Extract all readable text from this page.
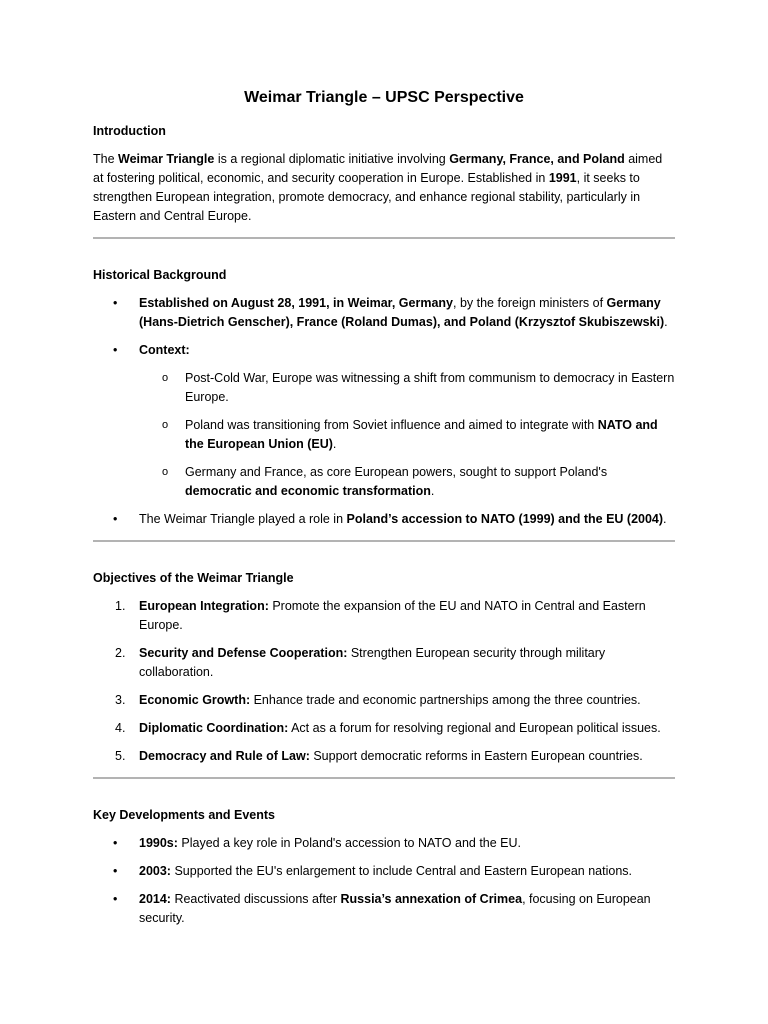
Weimar Triangle – UPSC Perspective
Introduction

The Weimar Triangle is a regional diplomatic initiative involving Germany, France, and Poland aimed at fostering political, economic, and security cooperation in Europe. Established in 1991, it seeks to strengthen European integration, promote democracy, and enhance regional stability, particularly in Eastern and Central Europe.

Historical Background
•	Established on August 28, 1991, in Weimar, Germany, by the foreign ministers of Germany (Hans-Dietrich Genscher), France (Roland Dumas), and Poland (Krzysztof Skubiszewski).
•	Context:
o	Post-Cold War, Europe was witnessing a shift from communism to democracy in Eastern Europe.
o	Poland was transitioning from Soviet influence and aimed to integrate with NATO and the European Union (EU).
o	Germany and France, as core European powers, sought to support Poland's democratic and economic transformation.
•	The Weimar Triangle played a role in Poland’s accession to NATO (1999) and the EU (2004).
Objectives of the Weimar Triangle
1.	European Integration: Promote the expansion of the EU and NATO in Central and Eastern Europe.
2.	Security and Defense Cooperation: Strengthen European security through military collaboration.
3.	Economic Growth: Enhance trade and economic partnerships among the three countries.
4.	Diplomatic Coordination: Act as a forum for resolving regional and European political issues.
5.	Democracy and Rule of Law: Support democratic reforms in Eastern European countries.
Key Developments and Events
•	1990s: Played a key role in Poland's accession to NATO and the EU.
•	2003: Supported the EU's enlargement to include Central and Eastern European nations.
•	2014: Reactivated discussions after Russia’s annexation of Crimea, focusing on European security.
